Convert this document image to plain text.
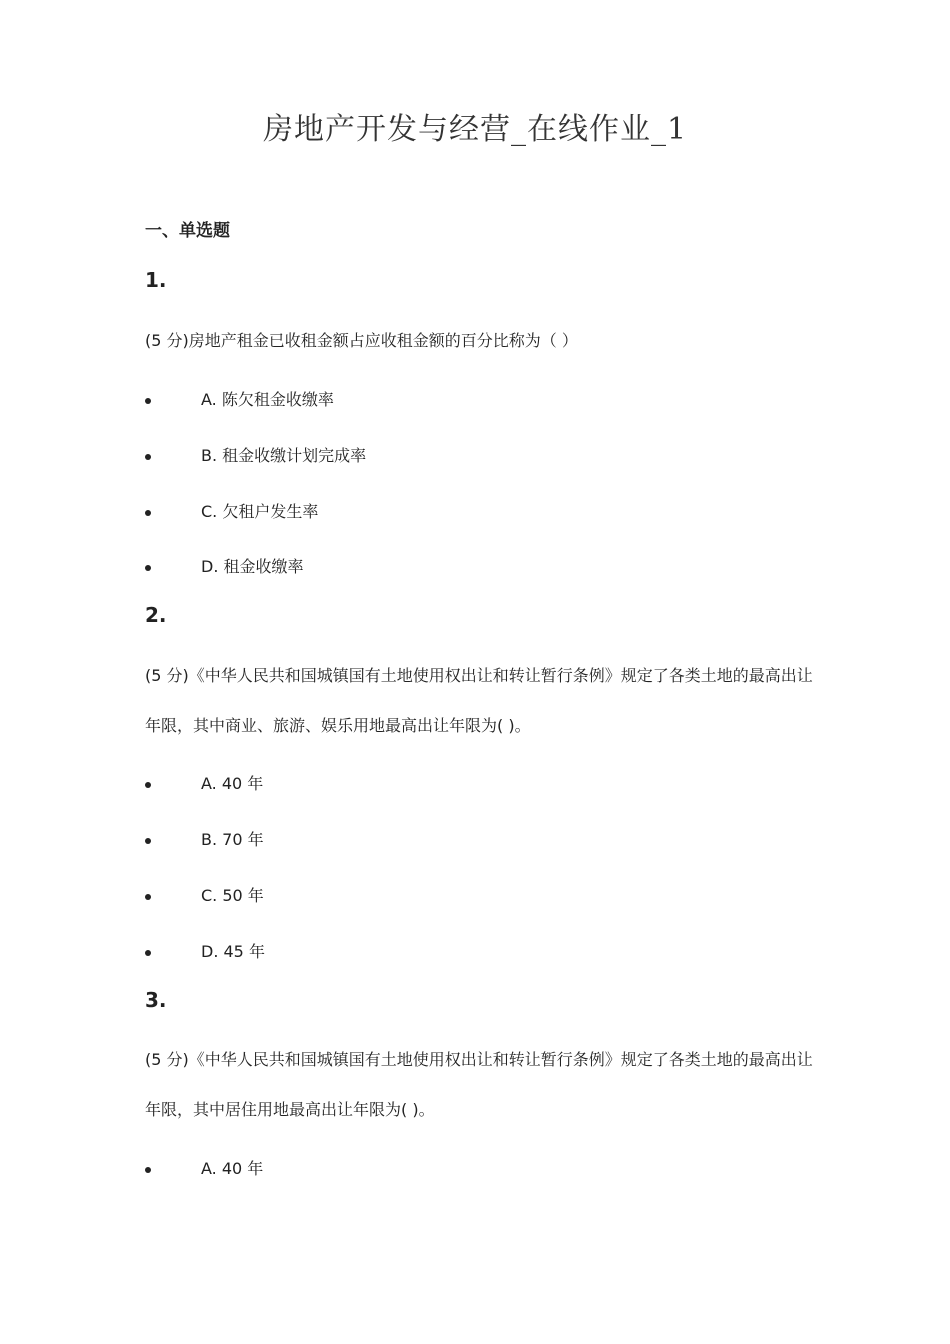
房地产开发与经营_在线作业_1
一、单选题
1.

(5 分)房地产租金已收租金额占应收租金额的百分比称为（ ）

A. 陈欠租金收缴率
B. 租金收缴计划完成率
C. 欠租户发生率
D. 租金收缴率
2.

(5 分)《中华人民共和国城镇国有土地使用权出让和转让暂行条例》规定了各类土地的最高出让年限，其中商业、旅游、娱乐用地最高出让年限为( )。

A. 40 年
B. 70 年
C. 50 年
D. 45 年
3.

(5 分)《中华人民共和国城镇国有土地使用权出让和转让暂行条例》规定了各类土地的最高出让年限，其中居住用地最高出让年限为( )。

A. 40 年
